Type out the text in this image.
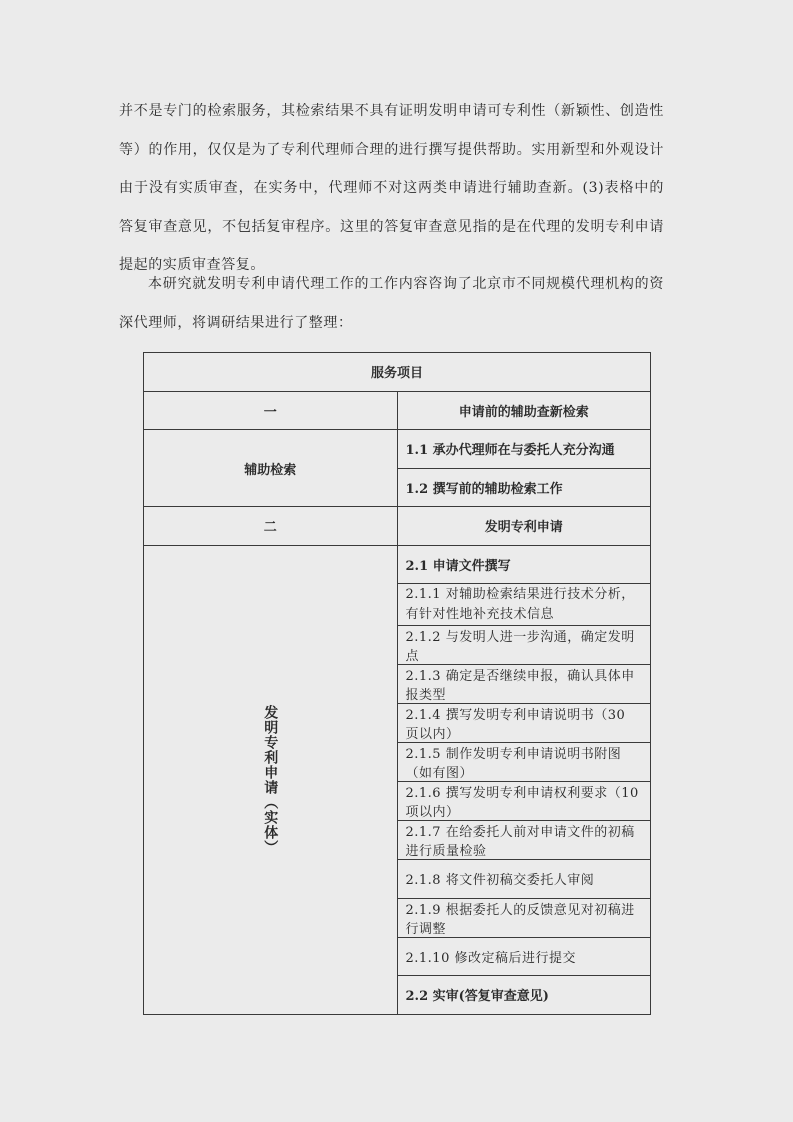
并不是专门的检索服务，其检索结果不具有证明发明申请可专利性（新颖性、创造性等）的作用，仅仅是为了专利代理师合理的进行撰写提供帮助。实用新型和外观设计由于没有实质审查，在实务中，代理师不对这两类申请进行辅助查新。(3)表格中的答复审查意见，不包括复审程序。这里的答复审查意见指的是在代理的发明专利申请提起的实质审查答复。

本研究就发明专利申请代理工作的工作内容咨询了北京市不同规模代理机构的资深代理师，将调研结果进行了整理：

服务项目	
一	申请前的辅助查新检索
辅助检索	1.1 承办代理师在与委托人充分沟通
	1.2 撰写前的辅助检索工作
二	发明专利申请

发明专利申请（实体）	2.1 申请文件撰写
	2.1.1 对辅助检索结果进行技术分析，有针对性地补充技术信息
	2.1.2 与发明人进一步沟通，确定发明点
	2.1.3 确定是否继续申报，确认具体申报类型
	2.1.4 撰写发明专利申请说明书（30 页以内）
	2.1.5 制作发明专利申请说明书附图（如有图）
	2.1.6 撰写发明专利申请权利要求（10 项以内）
	2.1.7 在给委托人前对申请文件的初稿进行质量检验
	2.1.8 将文件初稿交委托人审阅
	2.1.9 根据委托人的反馈意见对初稿进行调整
	2.1.10 修改定稿后进行提交
	2.2 实审(答复审查意见)
